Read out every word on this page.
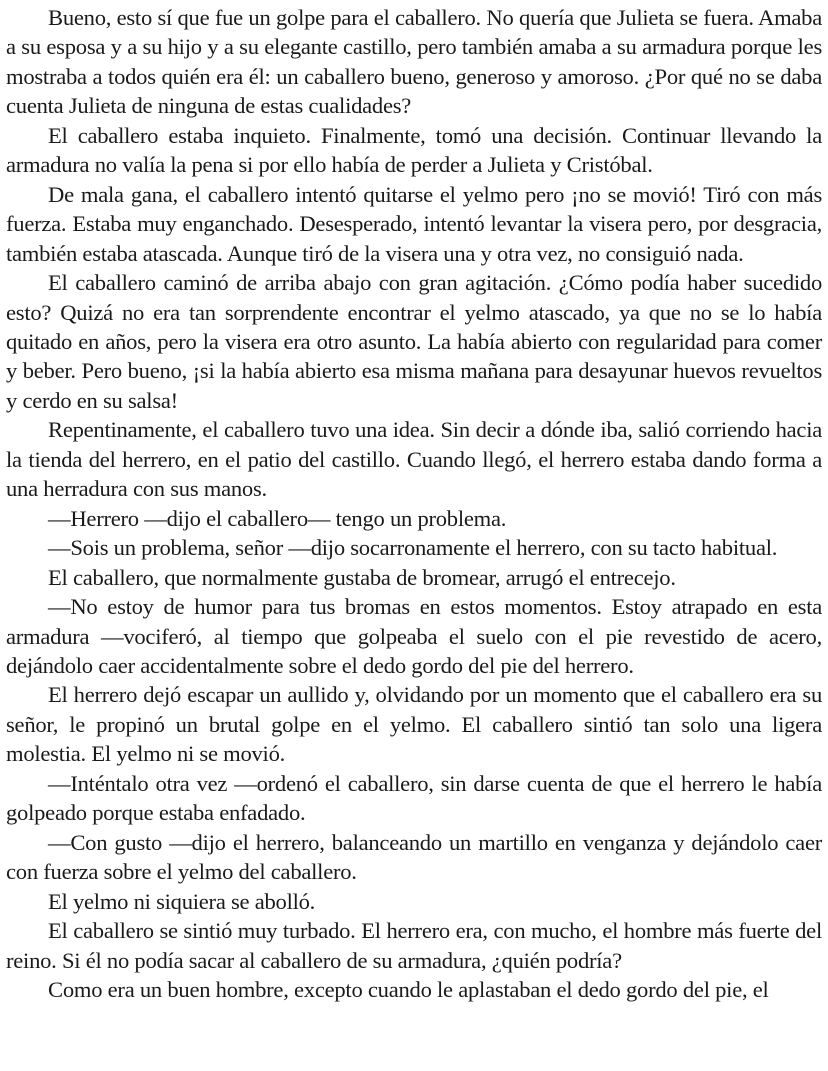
Bueno, esto sí que fue un golpe para el caballero. No quería que Julieta se fuera. Amaba a su esposa y a su hijo y a su elegante castillo, pero también amaba a su armadura porque les mostraba a todos quién era él: un caballero bueno, generoso y amoroso. ¿Por qué no se daba cuenta Julieta de ninguna de estas cualidades?

El caballero estaba inquieto. Finalmente, tomó una decisión. Continuar llevando la armadura no valía la pena si por ello había de perder a Julieta y Cristóbal.

De mala gana, el caballero intentó quitarse el yelmo pero ¡no se movió! Tiró con más fuerza. Estaba muy enganchado. Desesperado, intentó levantar la visera pero, por desgracia, también estaba atascada. Aunque tiró de la visera una y otra vez, no consiguió nada.

El caballero caminó de arriba abajo con gran agitación. ¿Cómo podía haber sucedido esto? Quizá no era tan sorprendente encontrar el yelmo atascado, ya que no se lo había quitado en años, pero la visera era otro asunto. La había abierto con regularidad para comer y beber. Pero bueno, ¡si la había abierto esa misma mañana para desayunar huevos revueltos y cerdo en su salsa!

Repentinamente, el caballero tuvo una idea. Sin decir a dónde iba, salió corriendo hacia la tienda del herrero, en el patio del castillo. Cuando llegó, el herrero estaba dando forma a una herradura con sus manos.

—Herrero —dijo el caballero— tengo un problema.

—Sois un problema, señor —dijo socarronamente el herrero, con su tacto habitual.

El caballero, que normalmente gustaba de bromear, arrugó el entrecejo.

—No estoy de humor para tus bromas en estos momentos. Estoy atrapado en esta armadura —vociferó, al tiempo que golpeaba el suelo con el pie revestido de acero, dejándolo caer accidentalmente sobre el dedo gordo del pie del herrero.

El herrero dejó escapar un aullido y, olvidando por un momento que el caballero era su señor, le propinó un brutal golpe en el yelmo. El caballero sintió tan solo una ligera molestia. El yelmo ni se movió.

—Inténtalo otra vez —ordenó el caballero, sin darse cuenta de que el herrero le había golpeado porque estaba enfadado.

—Con gusto —dijo el herrero, balanceando un martillo en venganza y dejándolo caer con fuerza sobre el yelmo del caballero.

El yelmo ni siquiera se abolló.

El caballero se sintió muy turbado. El herrero era, con mucho, el hombre más fuerte del reino. Si él no podía sacar al caballero de su armadura, ¿quién podría?

Como era un buen hombre, excepto cuando le aplastaban el dedo gordo del pie, el
